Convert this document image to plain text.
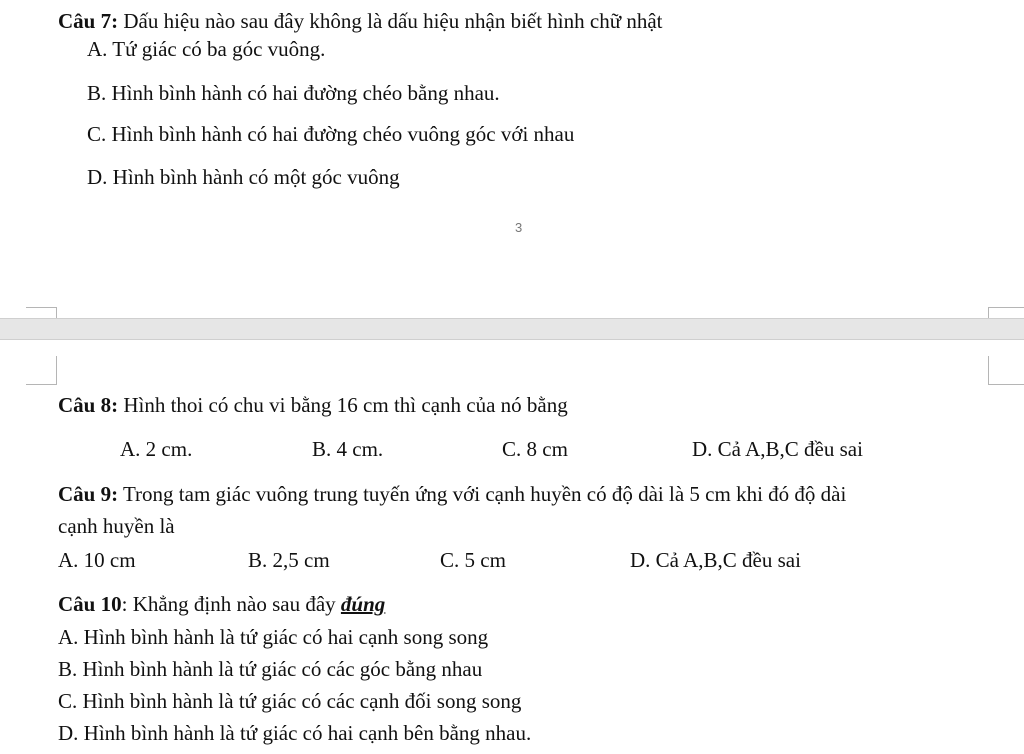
Câu 7: Dấu hiệu nào sau đây không là dấu hiệu nhận biết hình chữ nhật
A. Tứ giác có ba góc vuông.
B. Hình bình hành có hai đường chéo bằng nhau.
C. Hình bình hành có hai đường chéo vuông góc với nhau
D. Hình bình hành có một góc vuông
3
Câu 8: Hình thoi có chu vi bằng 16 cm thì cạnh của nó bằng
A. 2 cm.	B. 4 cm.	C. 8 cm	D. Cả A,B,C đều sai
Câu 9: Trong tam giác vuông trung tuyến ứng với cạnh huyền có độ dài là 5 cm khi đó độ dài
cạnh huyền là
A. 10 cm	B. 2,5 cm	C. 5 cm	D. Cả A,B,C đều sai
Câu 10: Khẳng định nào sau đây đúng
A. Hình bình hành là tứ giác có hai cạnh song song
B. Hình bình hành là tứ giác có các góc bằng nhau
C. Hình bình hành là tứ giác có các cạnh đối song song
D. Hình bình hành là tứ giác có hai cạnh bên bằng nhau.
